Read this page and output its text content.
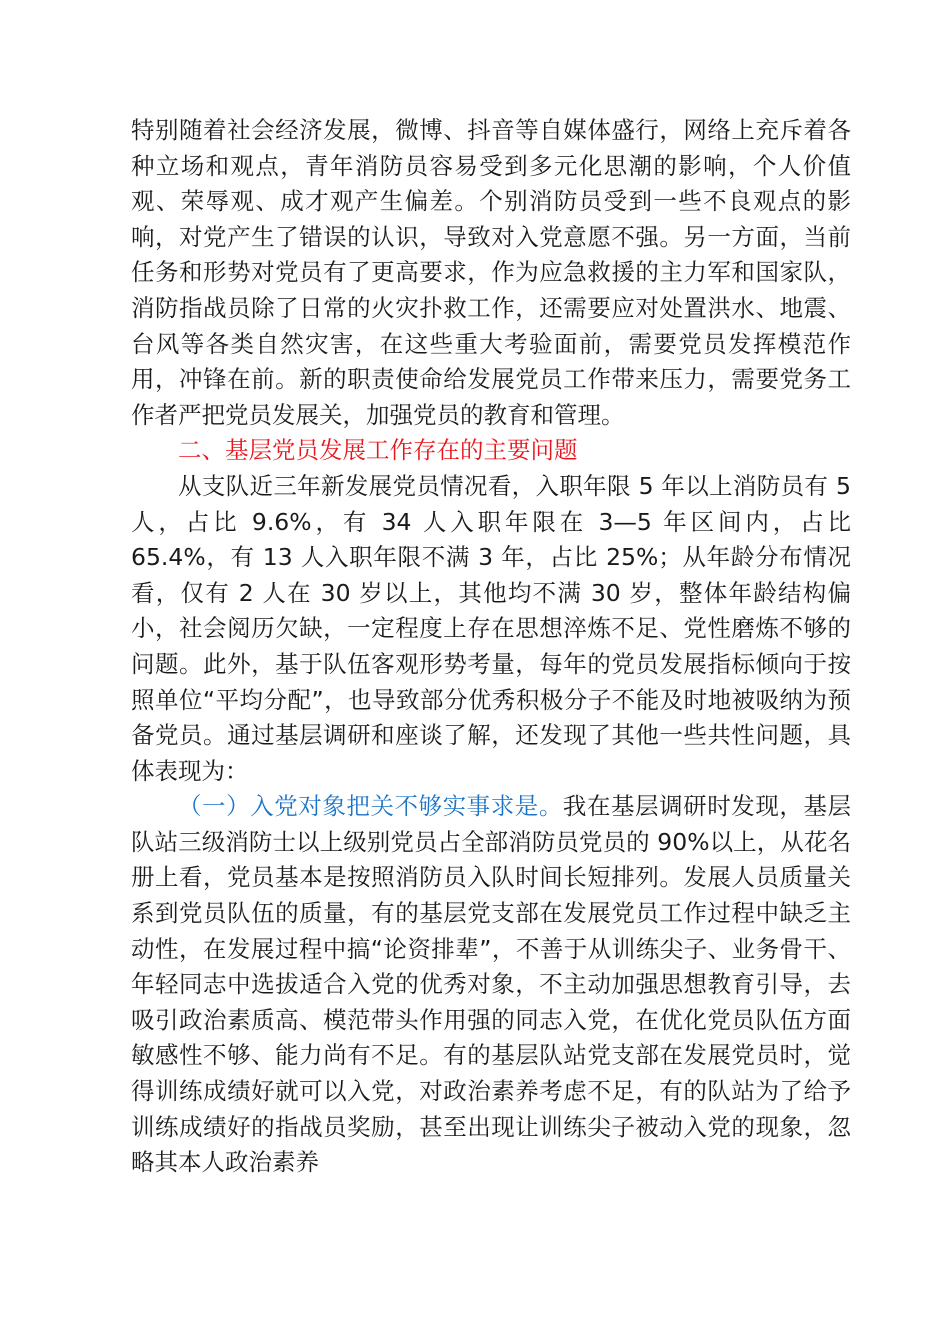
特别随着社会经济发展，微博、抖音等自媒体盛行，网络上充斥着各种立场和观点，青年消防员容易受到多元化思潮的影响，个人价值观、荣辱观、成才观产生偏差。个别消防员受到一些不良观点的影响，对党产生了错误的认识，导致对入党意愿不强。另一方面，当前任务和形势对党员有了更高要求，作为应急救援的主力军和国家队，消防指战员除了日常的火灾扑救工作，还需要应对处置洪水、地震、台风等各类自然灾害，在这些重大考验面前，需要党员发挥模范作用，冲锋在前。新的职责使命给发展党员工作带来压力，需要党务工作者严把党员发展关，加强党员的教育和管理。

二、基层党员发展工作存在的主要问题

从支队近三年新发展党员情况看，入职年限 5 年以上消防员有 5 人，占比 9.6%，有 34 人入职年限在 3—5 年区间内，占比 65.4%，有 13 人入职年限不满 3 年，占比 25%；从年龄分布情况看，仅有 2 人在 30 岁以上，其他均不满 30 岁，整体年龄结构偏小，社会阅历欠缺，一定程度上存在思想淬炼不足、党性磨炼不够的问题。此外，基于队伍客观形势考量，每年的党员发展指标倾向于按照单位“平均分配”，也导致部分优秀积极分子不能及时地被吸纳为预备党员。通过基层调研和座谈了解，还发现了其他一些共性问题，具体表现为：

（一）入党对象把关不够实事求是。我在基层调研时发现，基层队站三级消防士以上级别党员占全部消防员党员的 90%以上，从花名册上看，党员基本是按照消防员入队时间长短排列。发展人员质量关系到党员队伍的质量，有的基层党支部在发展党员工作过程中缺乏主动性，在发展过程中搞“论资排辈”，不善于从训练尖子、业务骨干、年轻同志中选拔适合入党的优秀对象，不主动加强思想教育引导，去吸引政治素质高、模范带头作用强的同志入党，在优化党员队伍方面敏感性不够、能力尚有不足。有的基层队站党支部在发展党员时，觉得训练成绩好就可以入党，对政治素养考虑不足，有的队站为了给予训练成绩好的指战员奖励，甚至出现让训练尖子被动入党的现象，忽略其本人政治素养
